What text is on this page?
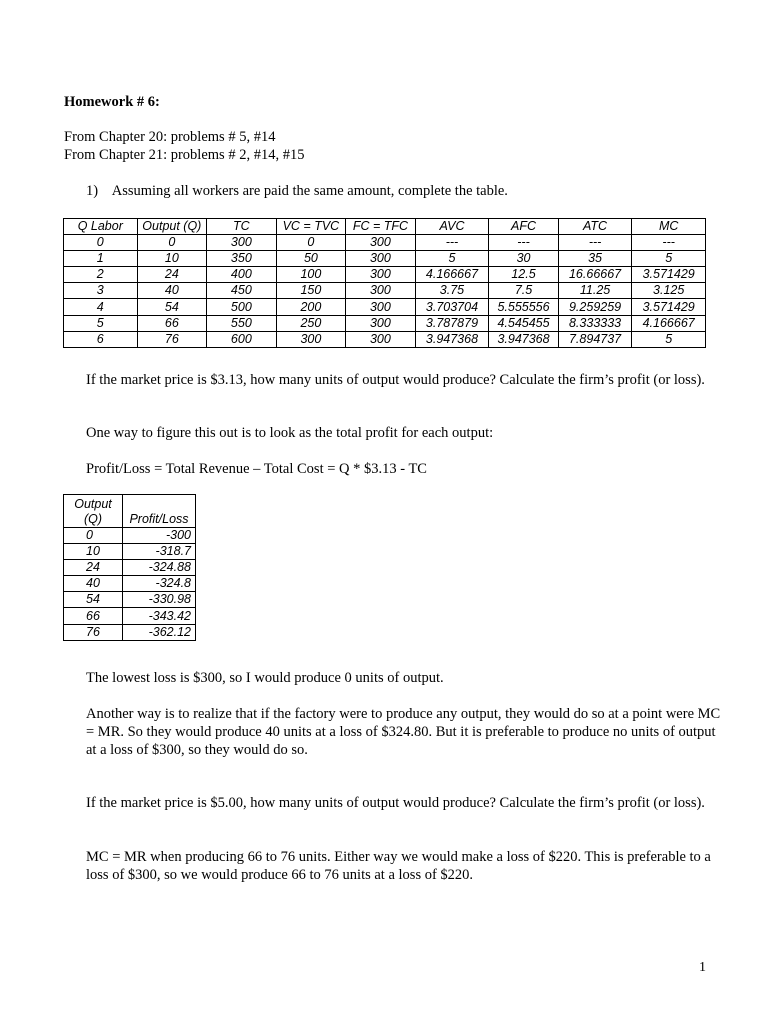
Homework # 6:
From Chapter 20: problems # 5, #14
From Chapter 21: problems # 2, #14, #15
1) Assuming all workers are paid the same amount, complete the table.
Q Labor	Output (Q)	TC	VC = TVC	FC = TFC	AVC	AFC	ATC	MC
0	0	300	0	300	---	---	---	---
1	10	350	50	300	5	30	35	5
2	24	400	100	300	4.166667	12.5	16.66667	3.571429
3	40	450	150	300	3.75	7.5	11.25	3.125
4	54	500	200	300	3.703704	5.555556	9.259259	3.571429
5	66	550	250	300	3.787879	4.545455	8.333333	4.166667
6	76	600	300	300	3.947368	3.947368	7.894737	5
If the market price is $3.13, how many units of output would produce? Calculate the firm’s profit (or loss).
One way to figure this out is to look as the total profit for each output:
Profit/Loss = Total Revenue – Total Cost = Q * $3.13 - TC
Output (Q)	Profit/Loss
0	-300
10	-318.7
24	-324.88
40	-324.8
54	-330.98
66	-343.42
76	-362.12
The lowest loss is $300, so I would produce 0 units of output.
Another way is to realize that if the factory were to produce any output, they would do so at a point were MC = MR. So they would produce 40 units at a loss of $324.80. But it is preferable to produce no units of output at a loss of $300, so they would do so.
If the market price is $5.00, how many units of output would produce? Calculate the firm’s profit (or loss).
MC = MR when producing 66 to 76 units. Either way we would make a loss of $220. This is preferable to a loss of $300, so we would produce 66 to 76 units at a loss of $220.
1
